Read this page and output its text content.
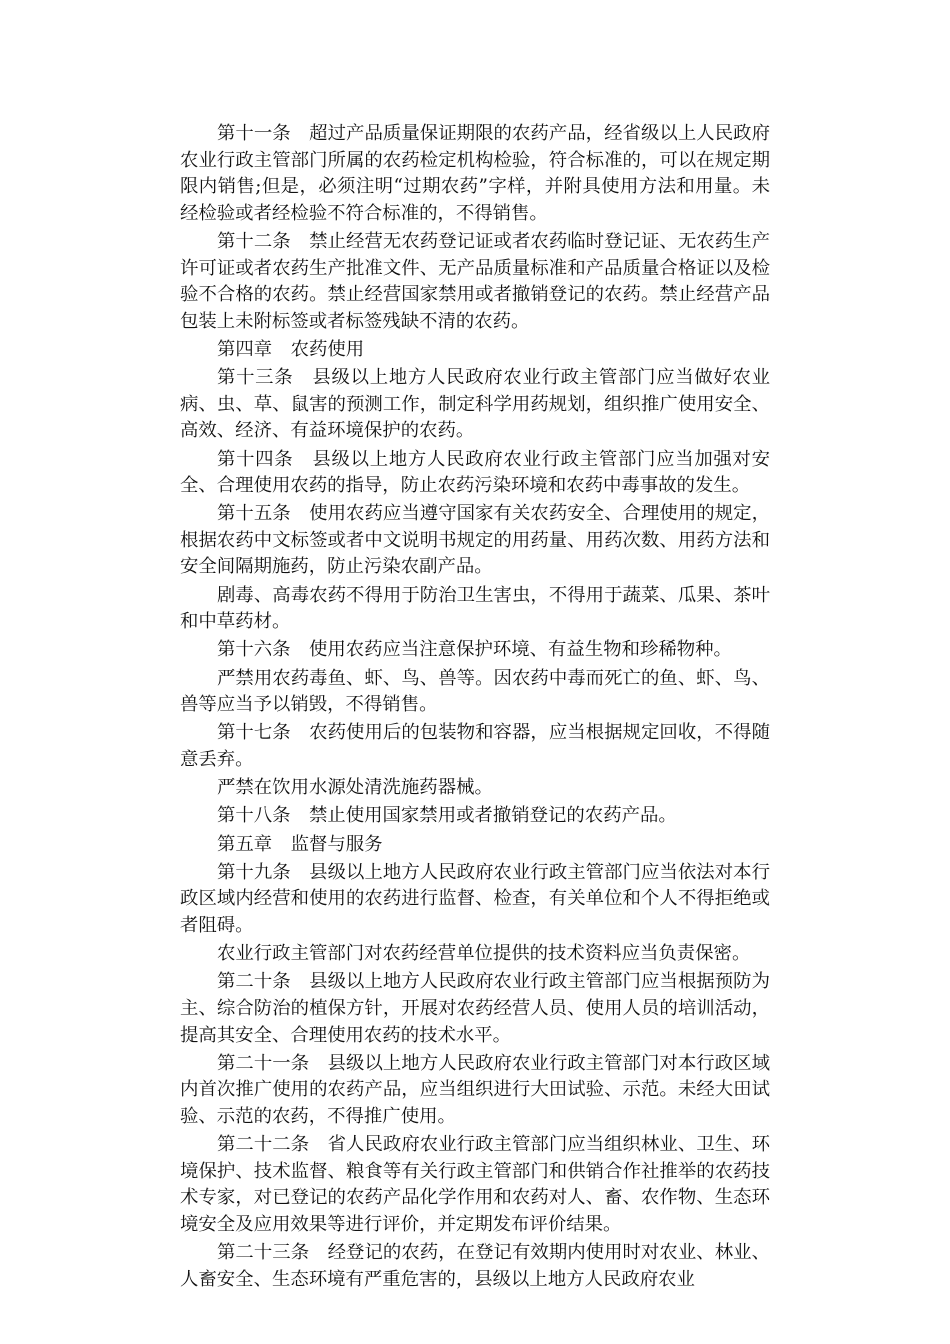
第十一条　超过产品质量保证期限的农药产品，经省级以上人民政府农业行政主管部门所属的农药检定机构检验，符合标准的，可以在规定期限内销售;但是，必须注明“过期农药”字样，并附具使用方法和用量。未经检验或者经检验不符合标准的，不得销售。

第十二条　禁止经营无农药登记证或者农药临时登记证、无农药生产许可证或者农药生产批准文件、无产品质量标准和产品质量合格证以及检验不合格的农药。禁止经营国家禁用或者撤销登记的农药。禁止经营产品包装上未附标签或者标签残缺不清的农药。

第四章　农药使用

第十三条　县级以上地方人民政府农业行政主管部门应当做好农业病、虫、草、鼠害的预测工作，制定科学用药规划，组织推广使用安全、高效、经济、有益环境保护的农药。

第十四条　县级以上地方人民政府农业行政主管部门应当加强对安全、合理使用农药的指导，防止农药污染环境和农药中毒事故的发生。

第十五条　使用农药应当遵守国家有关农药安全、合理使用的规定，根据农药中文标签或者中文说明书规定的用药量、用药次数、用药方法和安全间隔期施药，防止污染农副产品。

剧毒、高毒农药不得用于防治卫生害虫，不得用于蔬菜、瓜果、茶叶和中草药材。

第十六条　使用农药应当注意保护环境、有益生物和珍稀物种。

严禁用农药毒鱼、虾、鸟、兽等。因农药中毒而死亡的鱼、虾、鸟、兽等应当予以销毁，不得销售。

第十七条　农药使用后的包装物和容器，应当根据规定回收，不得随意丢弃。

严禁在饮用水源处清洗施药器械。

第十八条　禁止使用国家禁用或者撤销登记的农药产品。

第五章　监督与服务

第十九条　县级以上地方人民政府农业行政主管部门应当依法对本行政区域内经营和使用的农药进行监督、检查，有关单位和个人不得拒绝或者阻碍。

农业行政主管部门对农药经营单位提供的技术资料应当负责保密。

第二十条　县级以上地方人民政府农业行政主管部门应当根据预防为主、综合防治的植保方针，开展对农药经营人员、使用人员的培训活动，提高其安全、合理使用农药的技术水平。

第二十一条　县级以上地方人民政府农业行政主管部门对本行政区域内首次推广使用的农药产品，应当组织进行大田试验、示范。未经大田试验、示范的农药，不得推广使用。

第二十二条　省人民政府农业行政主管部门应当组织林业、卫生、环境保护、技术监督、粮食等有关行政主管部门和供销合作社推举的农药技术专家，对已登记的农药产品化学作用和农药对人、畜、农作物、生态环境安全及应用效果等进行评价，并定期发布评价结果。

第二十三条　经登记的农药，在登记有效期内使用时对农业、林业、人畜安全、生态环境有严重危害的，县级以上地方人民政府农业
